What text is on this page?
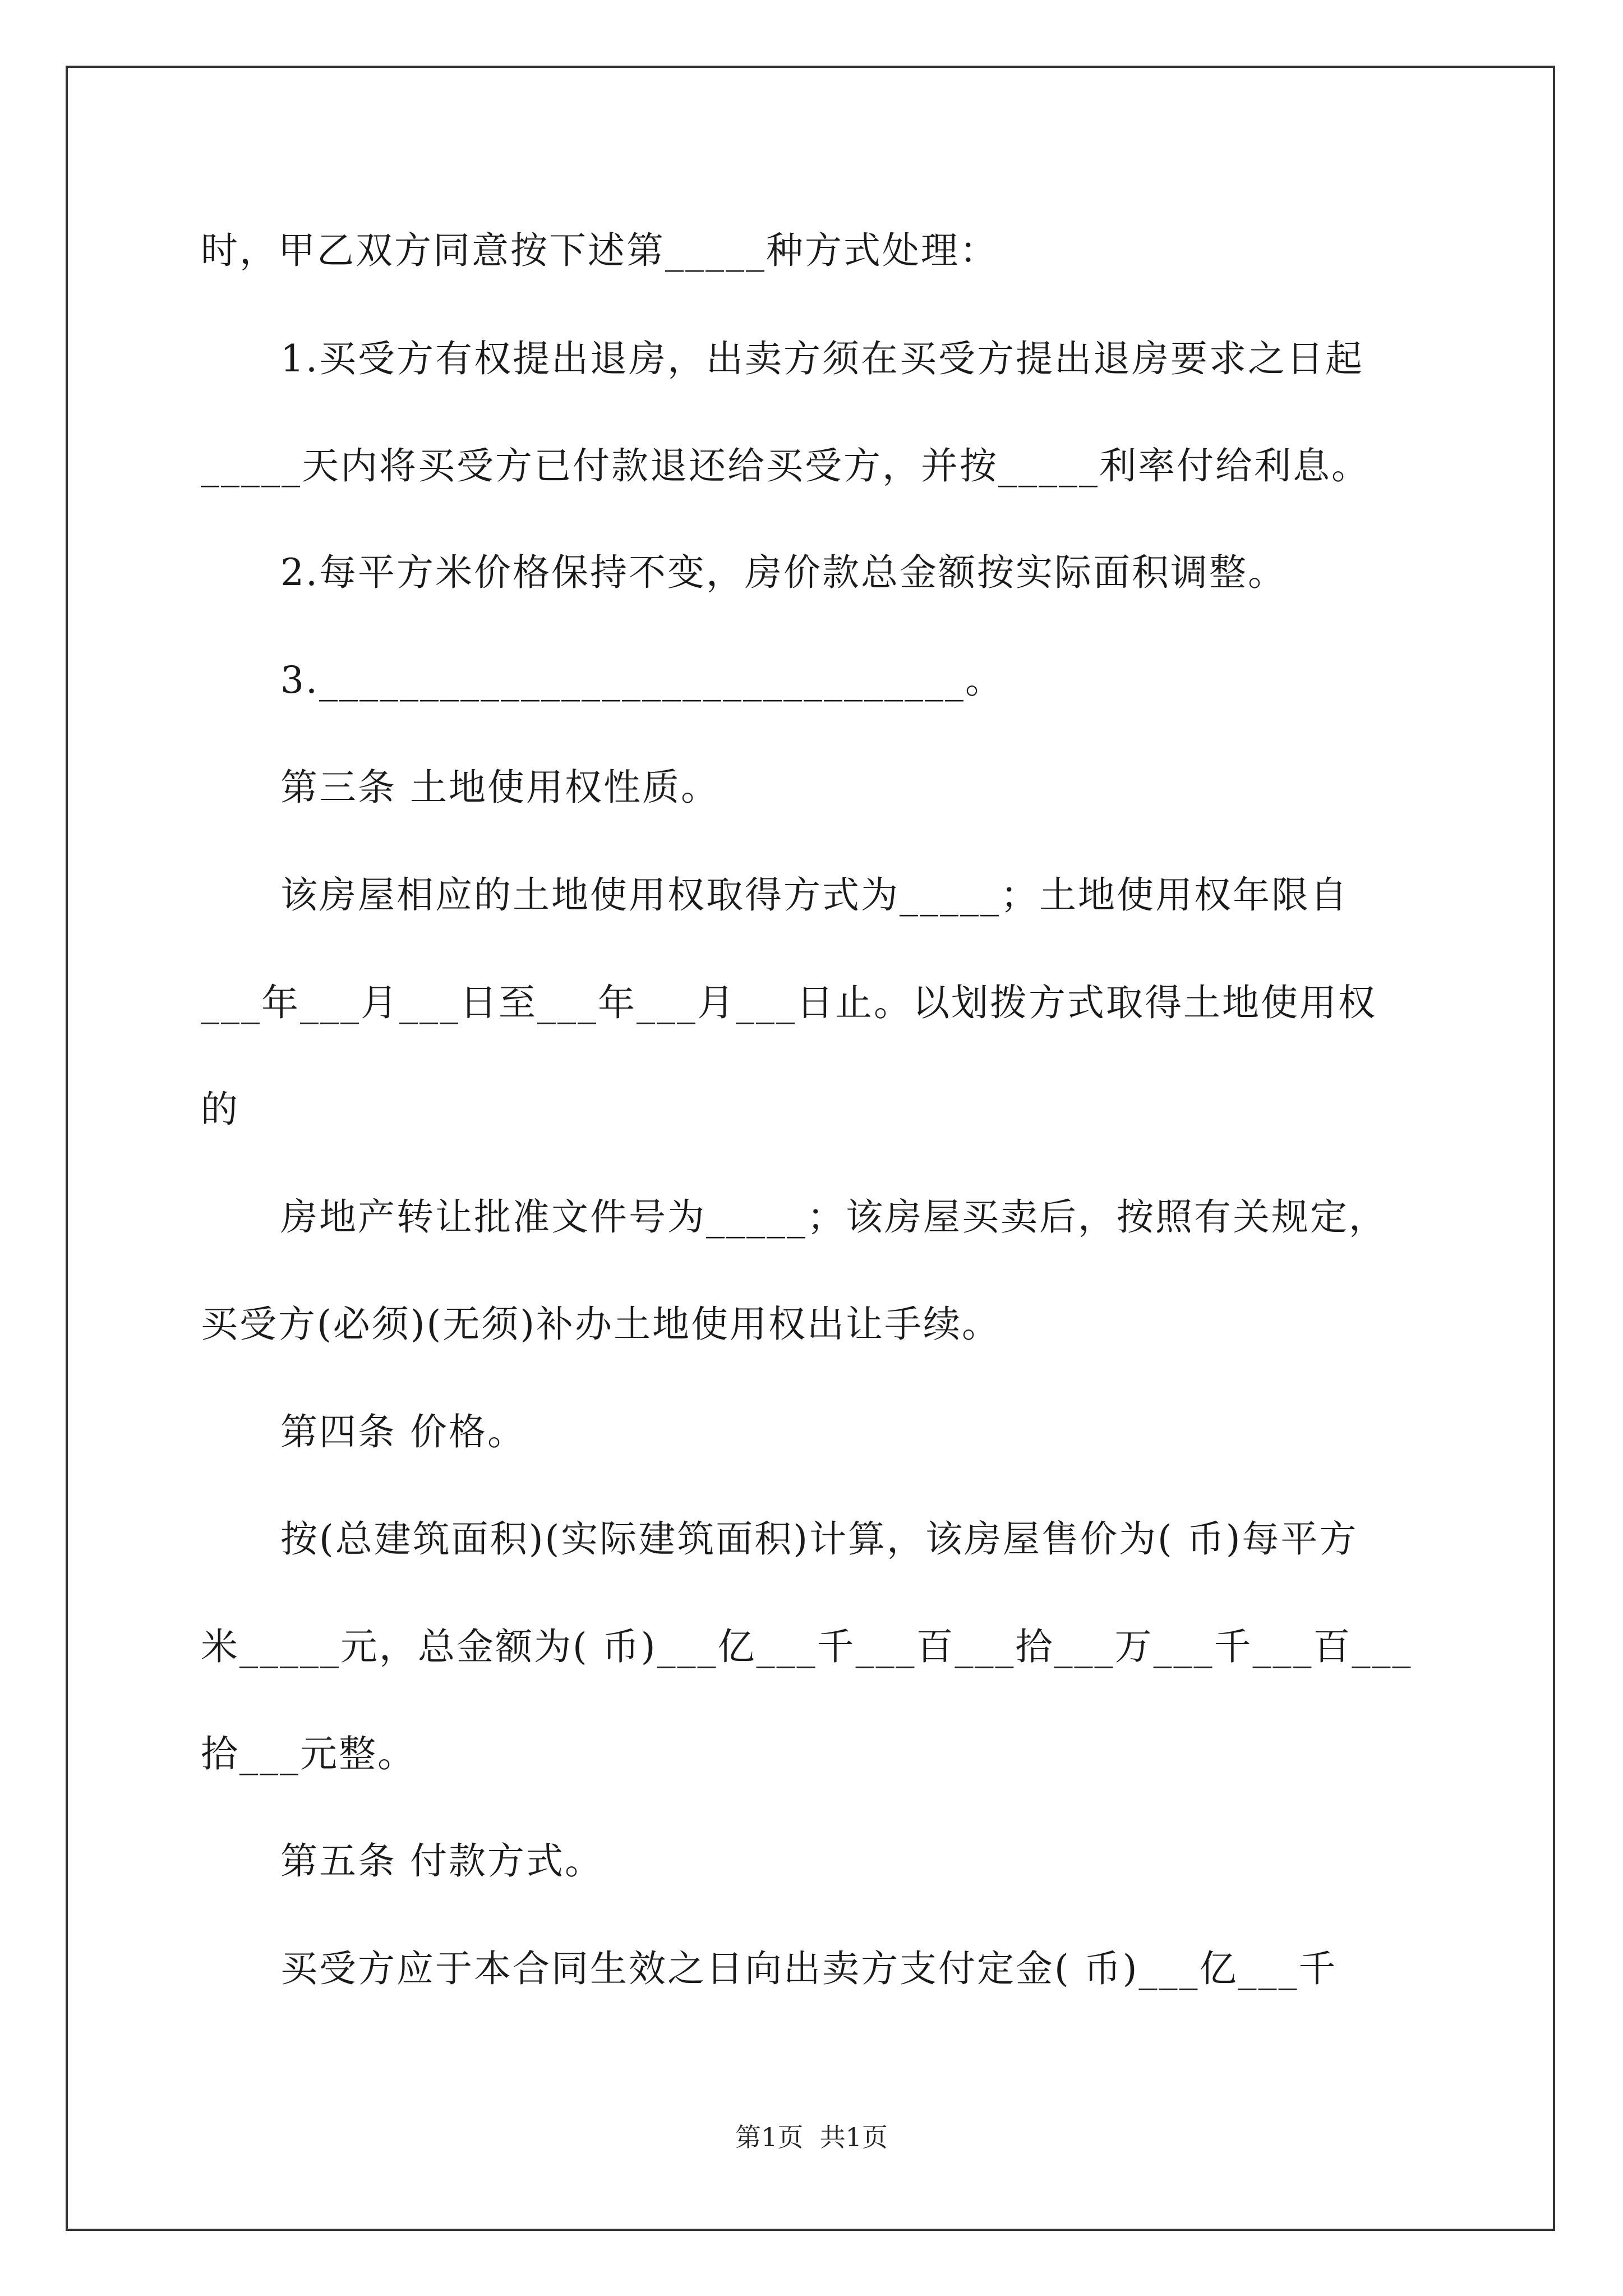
时，甲乙双方同意按下述第_____种方式处理：
1.买受方有权提出退房，出卖方须在买受方提出退房要求之日起
_____天内将买受方已付款退还给买受方，并按_____利率付给利息。
2.每平方米价格保持不变，房价款总金额按实际面积调整。
3.________________________________。
第三条 土地使用权性质。
该房屋相应的土地使用权取得方式为_____；土地使用权年限自
___年___月___日至___年___月___日止。以划拨方式取得土地使用权
的
房地产转让批准文件号为_____；该房屋买卖后，按照有关规定，
买受方(必须)(无须)补办土地使用权出让手续。
第四条 价格。
按(总建筑面积)(实际建筑面积)计算，该房屋售价为( 币)每平方
米_____元，总金额为( 币)___亿___千___百___拾___万___千___百___
拾___元整。
第五条 付款方式。
买受方应于本合同生效之日向出卖方支付定金( 币)___亿___千
第1页  共1页
